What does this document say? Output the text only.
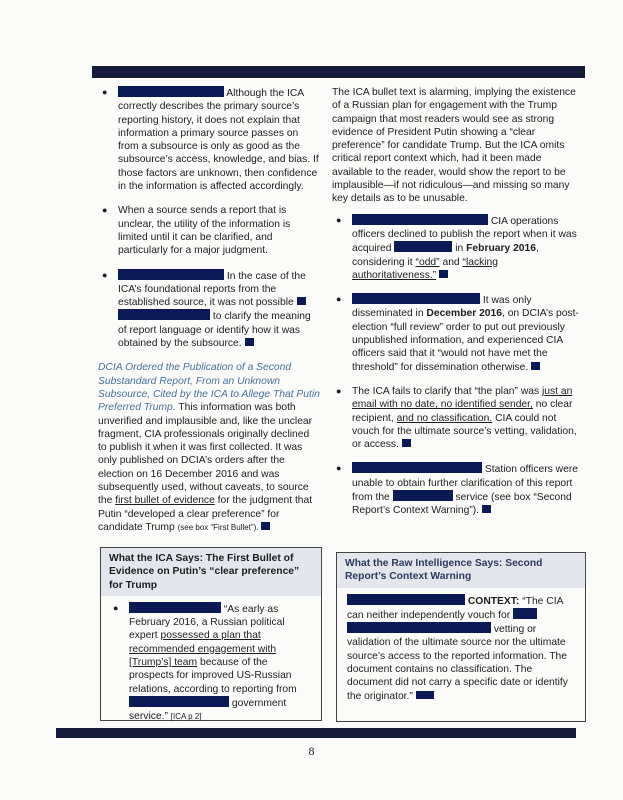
●	Although the ICA correctly describes the primary source’s reporting history, it does not explain that information a primary source passes on from a subsource is only as good as the subsource’s access, knowledge, and bias. If those factors are unknown, then confidence in the information is affected accordingly.
● When a source sends a report that is unclear, the utility of the information is limited until it can be clarified, and particularly for a major judgment.
●	In the case of the ICA’s foundational reports from the established source, it was not possible   to clarify the meaning of report language or identify how it was obtained by the subsource.

DCIA Ordered the Publication of a Second Substandard Report, From an Unknown Subsource, Cited by the ICA to Allege That Putin Preferred Trump. This information was both unverified and implausible and, like the unclear fragment, CIA professionals originally declined to publish it when it was first collected. It was only published on DCIA’s orders after the election on 16 December 2016 and was subsequently used, without caveats, to source the first bullet of evidence for the judgment that Putin “developed a clear preference” for candidate Trump (see box “First Bullet”).

The ICA bullet text is alarming, implying the existence of a Russian plan for engagement with the Trump campaign that most readers would see as strong evidence of President Putin showing a “clear preference” for candidate Trump. But the ICA omits critical report context which, had it been made available to the reader, would show the report to be implausible—if not ridiculous—and missing so many key details as to be unusable.

●	CIA operations officers declined to publish the report when it was acquired	in February 2016, considering it “odd” and “lacking authoritativeness.”
●	It was only disseminated in December 2016, on DCIA’s post-election “full review” order to put out previously unpublished information, and experienced CIA officers said that it “would not have met the threshold” for dissemination otherwise.
● The ICA fails to clarify that “the plan” was just an email with no date, no identified sender, no clear recipient, and no classification. CIA could not vouch for the ultimate source’s vetting, validation, or access.
●	Station officers were unable to obtain further clarification of this report from the	service (see box “Second Report’s Context Warning”).
What the ICA Says: The First Bullet of Evidence on Putin’s “clear preference” for Trump
●	“As early as February 2016, a Russian political expert possessed a plan that recommended engagement with [Trump’s] team because of the prospects for improved US-Russian relations, according to reporting from  government service.” [ICA p 2]
What the Raw Intelligence Says: Second Report’s Context Warning
CONTEXT: “The CIA can neither independently vouch for   vetting or validation of the ultimate source nor the ultimate source’s access to the reported information. The document contains no classification. The document did not carry a specific date or identify the originator.”
8
